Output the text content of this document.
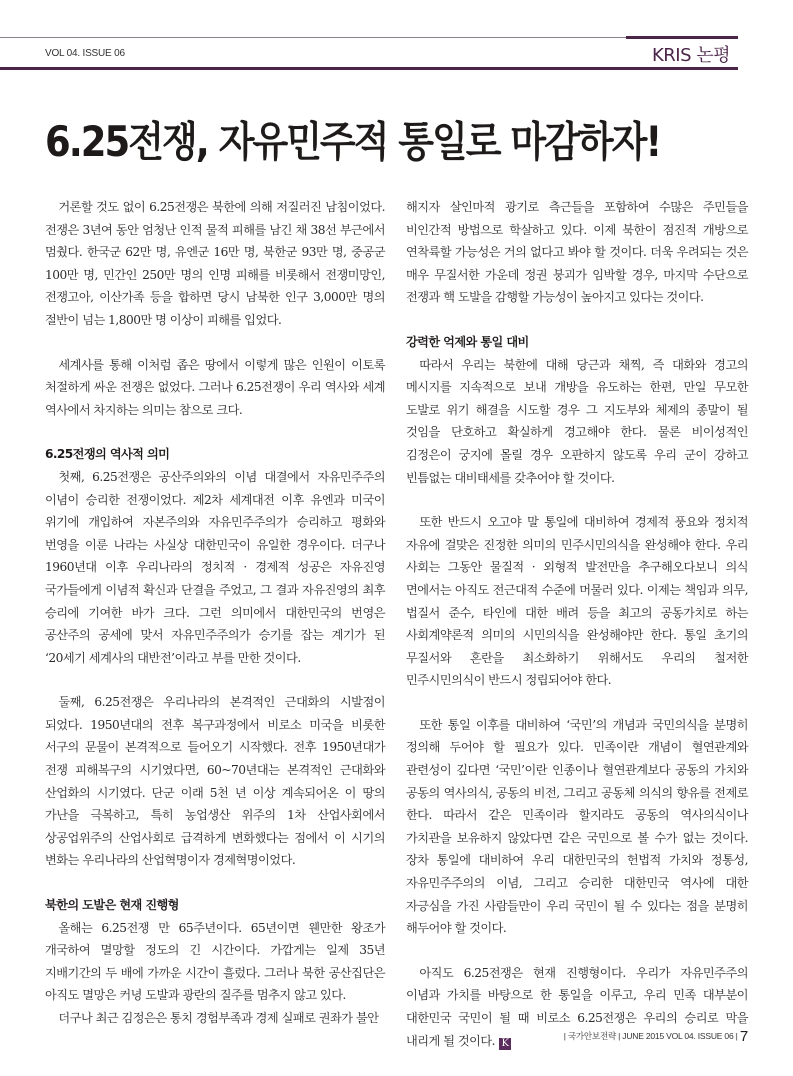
VOL 04. ISSUE 06	KRIS 논평
6.25전쟁, 자유민주적 통일로 마감하자!

거론할 것도 없이 6.25전쟁은 북한에 의해 저질러진 남침이었다. 전쟁은 3년여 동안 엄청난 인적 물적 피해를 남긴 채 38선 부근에서 멈췄다. 한국군 62만 명, 유엔군 16만 명, 북한군 93만 명, 중공군 100만 명, 민간인 250만 명의 인명 피해를 비롯해서 전쟁미망인, 전쟁고아, 이산가족 등을 합하면 당시 남북한 인구 3,000만 명의 절반이 넘는 1,800만 명 이상이 피해를 입었다.

세계사를 통해 이처럼 좁은 땅에서 이렇게 많은 인원이 이토록 처절하게 싸운 전쟁은 없었다. 그러나 6.25전쟁이 우리 역사와 세계 역사에서 차지하는 의미는 참으로 크다.

6.25전쟁의 역사적 의미

첫째, 6.25전쟁은 공산주의와의 이념 대결에서 자유민주주의 이념이 승리한 전쟁이었다. 제2차 세계대전 이후 유엔과 미국이 위기에 개입하여 자본주의와 자유민주주의가 승리하고 평화와 번영을 이룬 나라는 사실상 대한민국이 유일한 경우이다. 더구나 1960년대 이후 우리나라의 정치적 · 경제적 성공은 자유진영 국가들에게 이념적 확신과 단결을 주었고, 그 결과 자유진영의 최후 승리에 기여한 바가 크다. 그런 의미에서 대한민국의 번영은 공산주의 공세에 맞서 자유민주주의가 승기를 잡는 계기가 된 ‘20세기 세계사의 대반전’이라고 부를 만한 것이다.

둘째, 6.25전쟁은 우리나라의 본격적인 근대화의 시발점이 되었다. 1950년대의 전후 복구과정에서 비로소 미국을 비롯한 서구의 문물이 본격적으로 들어오기 시작했다. 전후 1950년대가 전쟁 피해복구의 시기였다면, 60~70년대는 본격적인 근대화와 산업화의 시기였다. 단군 이래 5천 년 이상 계속되어온 이 땅의 가난을 극복하고, 특히 농업생산 위주의 1차 산업사회에서 상공업위주의 산업사회로 급격하게 변화했다는 점에서 이 시기의 변화는 우리나라의 산업혁명이자 경제혁명이었다.

북한의 도발은 현재 진행형

올해는 6.25전쟁 만 65주년이다. 65년이면 웬만한 왕조가 개국하여 멸망할 정도의 긴 시간이다. 가깝게는 일제 35년 지배기간의 두 배에 가까운 시간이 흘렀다. 그러나 북한 공산집단은 아직도 멸망은 커녕 도발과 광란의 질주를 멈추지 않고 있다.

더구나 최근 김정은은 통치 경험부족과 경제 실패로 권좌가 불안

해지자 살인마적 광기로 측근들을 포함하여 수많은 주민들을 비인간적 방법으로 학살하고 있다. 이제 북한이 점진적 개방으로 연착륙할 가능성은 거의 없다고 봐야 할 것이다. 더욱 우려되는 것은 매우 무질서한 가운데 정권 붕괴가 임박할 경우, 마지막 수단으로 전쟁과 핵 도발을 감행할 가능성이 높아지고 있다는 것이다.

강력한 억제와 통일 대비

따라서 우리는 북한에 대해 당근과 채찍, 즉 대화와 경고의 메시지를 지속적으로 보내 개방을 유도하는 한편, 만일 무모한 도발로 위기 해결을 시도할 경우 그 지도부와 체제의 종말이 될 것임을 단호하고 확실하게 경고해야 한다. 물론 비이성적인 김정은이 궁지에 몰릴 경우 오판하지 않도록 우리 군이 강하고 빈틈없는 대비태세를 갖추어야 할 것이다.

또한 반드시 오고야 말 통일에 대비하여 경제적 풍요와 정치적 자유에 걸맞은 진정한 의미의 민주시민의식을 완성해야 한다. 우리 사회는 그동안 물질적 · 외형적 발전만을 추구해오다보니 의식 면에서는 아직도 전근대적 수준에 머물러 있다. 이제는 책임과 의무, 법질서 준수, 타인에 대한 배려 등을 최고의 공동가치로 하는 사회계약론적 의미의 시민의식을 완성해야만 한다. 통일 초기의 무질서와 혼란을 최소화하기 위해서도 우리의 철저한 민주시민의식이 반드시 정립되어야 한다.

또한 통일 이후를 대비하여 ‘국민’의 개념과 국민의식을 분명히 정의해 두어야 할 필요가 있다. 민족이란 개념이 혈연관계와 관련성이 깊다면 ‘국민’이란 인종이나 혈연관계보다 공동의 가치와 공동의 역사의식, 공동의 비전, 그리고 공동체 의식의 향유를 전제로 한다. 따라서 같은 민족이라 할지라도 공동의 역사의식이나 가치관을 보유하지 않았다면 같은 국민으로 볼 수가 없는 것이다. 장차 통일에 대비하여 우리 대한민국의 헌법적 가치와 정통성, 자유민주주의의 이념, 그리고 승리한 대한민국 역사에 대한 자긍심을 가진 사람들만이 우리 국민이 될 수 있다는 점을 분명히 해두어야 할 것이다.

아직도 6.25전쟁은 현재 진행형이다. 우리가 자유민주주의 이념과 가치를 바탕으로 한 통일을 이루고, 우리 민족 대부분이 대한민국 국민이 될 때 비로소 6.25전쟁은 우리의 승리로 막을 내리게 될 것이다. K

| 국가안보전략 | JUNE 2015 VOL 04. ISSUE 06 | 7
